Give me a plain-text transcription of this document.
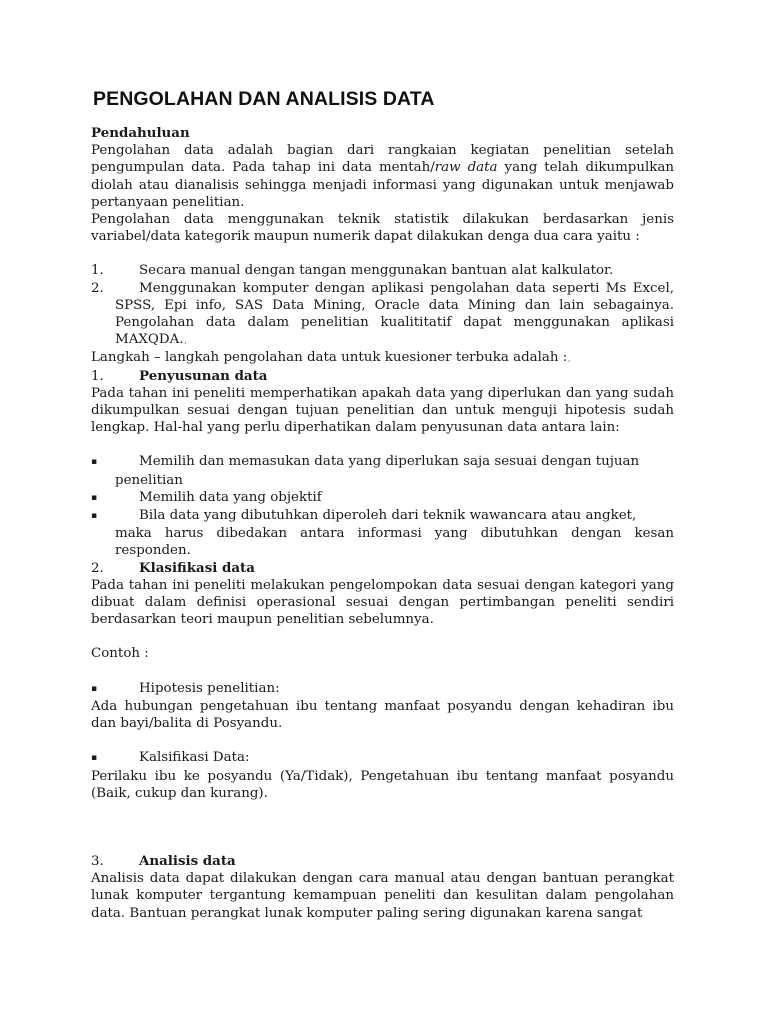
PENGOLAHAN DAN ANALISIS DATA

Pendahuluan

Pengolahan data adalah bagian dari rangkaian kegiatan penelitian setelah pengumpulan data. Pada tahap ini data mentah/raw data yang telah dikumpulkan diolah atau dianalisis sehingga menjadi informasi yang digunakan untuk menjawab pertanyaan penelitian.

Pengolahan data menggunakan teknik statistik dilakukan berdasarkan jenis variabel/data kategorik maupun numerik dapat dilakukan denga dua cara yaitu :

1.	Secara manual dengan tangan menggunakan bantuan alat kalkulator.
2.	Menggunakan komputer dengan aplikasi pengolahan data seperti Ms Excel, SPSS, Epi info, SAS Data Mining, Oracle data Mining dan lain sebagainya. Pengolahan data dalam penelitian kualititatif dapat menggunakan aplikasi MAXQDA.¸

Langkah – langkah pengolahan data untuk kuesioner terbuka adalah :¸

1.	Penyusunan data

Pada tahan ini peneliti memperhatikan apakah data yang diperlukan dan yang sudah dikumpulkan sesuai dengan tujuan penelitian dan untuk menguji hipotesis sudah lengkap. Hal-hal yang perlu diperhatikan dalam penyusunan data antara lain:

▪	Memilih dan memasukan data yang diperlukan saja sesuai dengan tujuan

penelitian

▪	Memilih data yang objektif

▪	Bila data yang dibutuhkan diperoleh dari teknik wawancara atau angket,

maka harus dibedakan antara informasi yang dibutuhkan dengan kesan responden.

2.	Klasifikasi data

Pada tahan ini peneliti melakukan pengelompokan data sesuai dengan kategori yang dibuat dalam definisi operasional sesuai dengan pertimbangan peneliti sendiri berdasarkan teori maupun penelitian sebelumnya.

Contoh :

▪	Hipotesis penelitian:

Ada hubungan pengetahuan ibu tentang manfaat posyandu dengan kehadiran ibu dan bayi/balita di Posyandu.

▪	Kalsifikasi Data:

Perilaku ibu ke posyandu (Ya/Tidak), Pengetahuan ibu tentang manfaat posyandu (Baik, cukup dan kurang).

3.	Analisis data

Analisis data dapat dilakukan dengan cara manual atau dengan bantuan perangkat lunak komputer tergantung kemampuan peneliti dan kesulitan dalam pengolahan data. Bantuan perangkat lunak komputer paling sering digunakan karena sangat
